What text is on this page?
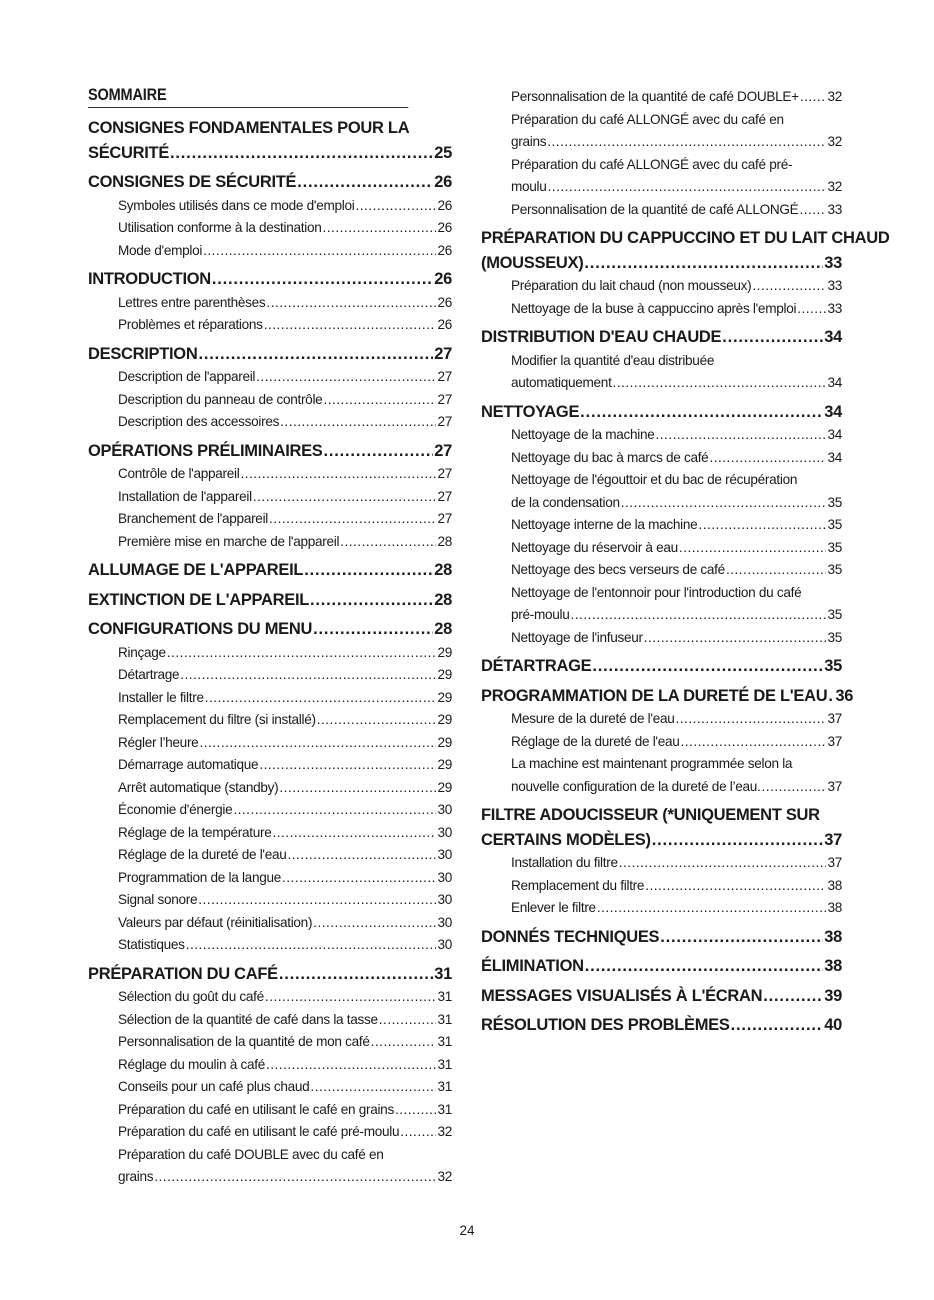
SOMMAIRE
CONSIGNES FONDAMENTALES POUR LA
SÉCURITÉ .....	25
CONSIGNES DE SÉCURITÉ .....	26
Symboles utilisés dans ce mode d'emploi .....	26
Utilisation conforme à la destination .....	26
Mode d'emploi .....	26
INTRODUCTION .....	26
Lettres entre parenthèses .....	26
Problèmes et réparations .....	26
DESCRIPTION .....	27
Description de l'appareil .....	27
Description du panneau de contrôle .....	27
Description des accessoires .....	27
OPÉRATIONS PRÉLIMINAIRES .....	27
Contrôle de l'appareil .....	27
Installation de l'appareil .....	27
Branchement de l'appareil .....	27
Première mise en marche de l'appareil .....	28
ALLUMAGE DE L'APPAREIL .....	28
EXTINCTION DE L'APPAREIL .....	28
CONFIGURATIONS DU MENU .....	28
Rinçage .....	29
Détartrage .....	29
Installer le filtre .....	29
Remplacement du filtre (si installé) .....	29
Régler l’heure .....	29
Démarrage automatique .....	29
Arrêt automatique (standby) .....	29
Économie d'énergie .....	30
Réglage de la température .....	30
Réglage de la dureté de l'eau .....	30
Programmation de la langue .....	30
Signal sonore .....	30
Valeurs par défaut (réinitialisation) .....	30
Statistiques .....	30
PRÉPARATION DU CAFÉ .....	31
Sélection du goût du café .....	31
Sélection de la quantité de café dans la tasse .....	31
Personnalisation de la quantité de mon café .....	31
Réglage du moulin à café .....	31
Conseils pour un café plus chaud .....	31
Préparation du café en utilisant le café en grains .....	31
Préparation du café en utilisant le café pré-moulu .....	32
Préparation du café DOUBLE avec du café en
grains .....	32
Personnalisation de la quantité de café DOUBLE+ ..... 32
Préparation du café ALLONGÉ avec du café en
grains .....	32
Préparation du café ALLONGÉ avec du café pré-
moulu .....	32
Personnalisation de la quantité de café ALLONGÉ ..... 33
PRÉPARATION DU CAPPUCCINO ET DU LAIT CHAUD
(MOUSSEUX) .....	33
Préparation du lait chaud (non mousseux) .....	33
Nettoyage de la buse à cappuccino après l'emploi ..... 33
DISTRIBUTION D'EAU CHAUDE .....	34
Modifier la quantité d'eau distribuée
automatiquement .....	34
NETTOYAGE .....	34
Nettoyage de la machine .....	34
Nettoyage du bac à marcs de café .....	34
Nettoyage de l'égouttoir et du bac de récupération
de la condensation .....	35
Nettoyage interne de la machine .....	35
Nettoyage du réservoir à eau .....	35
Nettoyage des becs verseurs de café .....	35
Nettoyage de l'entonnoir pour l'introduction du café
pré-moulu .....	35
Nettoyage de l'infuseur .....	35
DÉTARTRAGE .....	35
PROGRAMMATION DE LA DURETÉ DE L'EAU ..... 36
Mesure de la dureté de l'eau .....	37
Réglage de la dureté de l'eau .....	37
La machine est maintenant programmée selon la
nouvelle configuration de la dureté de l’eau. .....	37
FILTRE ADOUCISSEUR (*UNIQUEMENT SUR
CERTAINS MODÈLES) .....	37
Installation du filtre .....	37
Remplacement du filtre .....	38
Enlever le filtre .....	38
DONNÉS TECHNIQUES .....	38
ÉLIMINATION .....	38
MESSAGES VISUALISÉS À L'ÉCRAN .....	39
RÉSOLUTION DES PROBLÈMES .....	40
24
